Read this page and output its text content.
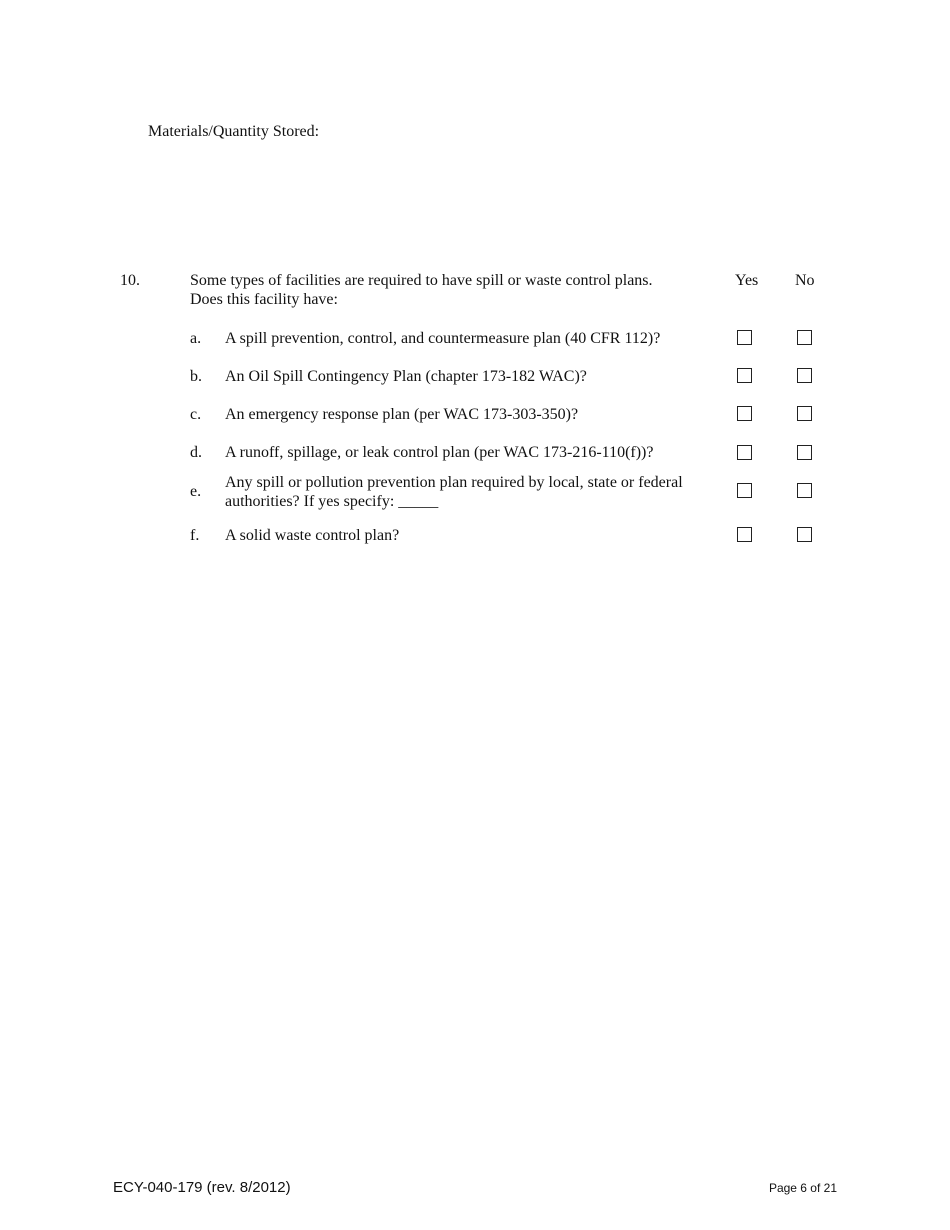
Materials/Quantity Stored:
10.	Some types of facilities are required to have spill or waste control plans.
Does this facility have:
Yes No
a. A spill prevention, control, and countermeasure plan (40 CFR 112)?
b. An Oil Spill Contingency Plan (chapter 173-182 WAC)?
c. An emergency response plan (per WAC 173-303-350)?
d. A runoff, spillage, or leak control plan (per WAC 173-216-110(f))?
e.
Any spill or pollution prevention plan required by local, state or federal
authorities? If yes specify: _____
f. A solid waste control plan?
ECY-040-179 (rev. 8/2012)	Page 6 of 21
